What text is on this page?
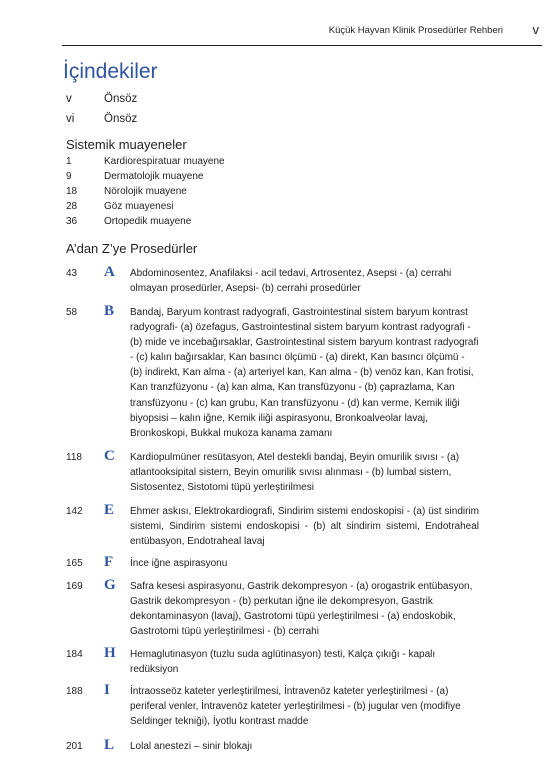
Küçük Hayvan Klinik Prosedürler Rehberi v
İçindekiler
v	Önsöz
vi	Önsöz
Sistemik muayeneler
1	Kardiorespiratuar muayene
9	Dermatolojik muayene
18	Nörolojik muayene
28	Göz muayenesi
36	Ortopedik muayene
A’dan Z’ye Prosedürler
43 A Abdominosentez, Anafilaksi - acil tedavi, Artrosentez, Asepsi - (a) cerrahi olmayan prosedürler, Asepsi- (b) cerrahi prosedürler

58 B Bandaj, Baryum kontrast radyografi, Gastrointestinal sistem baryum kontrast radyografi- (a) özefagus, Gastrointestinal sistem baryum kontrast radyografi - (b) mide ve incebağırsaklar, Gastrointestinal sistem baryum kontrast radyografi - (c) kalın bağırsaklar, Kan basıncı ölçümü - (a) direkt, Kan basıncı ölçümü - (b) indirekt, Kan alma - (a) arteriyel kan, Kan alma - (b) venöz kan, Kan frotisi, Kan tranzfüzyonu - (a) kan alma, Kan transfüzyonu - (b) çaprazlama, Kan transfüzyonu - (c) kan grubu, Kan transfüzyonu - (d) kan verme, Kemik iliği biyopsisi – kalın iğne, Kemik iliği aspirasyonu, Bronkoalveolar lavaj, Bronkoskopi, Bukkal mukoza kanama zamanı

118 C Kardiopulmüner resütasyon, Atel destekli bandaj, Beyin omurilik sıvısı - (a) atlantooksipital sistern, Beyin omurilik sıvısı alınması - (b) lumbal sistern, Sistosentez, Sistotomi tüpü yerleştirilmesi

142 E Ehmer askısı, Elektrokardiografi, Sindirim sistemi endoskopisi - (a) üst sindirim sistemi, Sindirim sistemi endoskopisi - (b) alt sindirim sistemi, Endotraheal entübasyon, Endotraheal lavaj

165 F İnce iğne aspirasyonu

169 G Safra kesesi aspirasyonu, Gastrik dekompresyon - (a) orogastrik entübasyon, Gastrik dekompresyon - (b) perkutan iğne ile dekompresyon, Gastrik dekontaminasyon (lavaj), Gastrotomi tüpü yerleştirilmesi - (a) endoskobik, Gastrotomi tüpü yerleştirilmesi - (b) cerrahi

184 H Hemaglutinasyon (tuzlu suda aglütinasyon) testi, Kalça çıkığı - kapalı redüksiyon

188 I İntraosseöz kateter yerleştirilmesi, İntravenöz kateter yerleştirilmesi - (a) periferal venler, İntravenöz kateter yerleştirilmesi - (b) jugular ven (modifiye Seldinger tekniği), İyotlu kontrast madde

201 L Lolal anestezi – sinir blokajı
